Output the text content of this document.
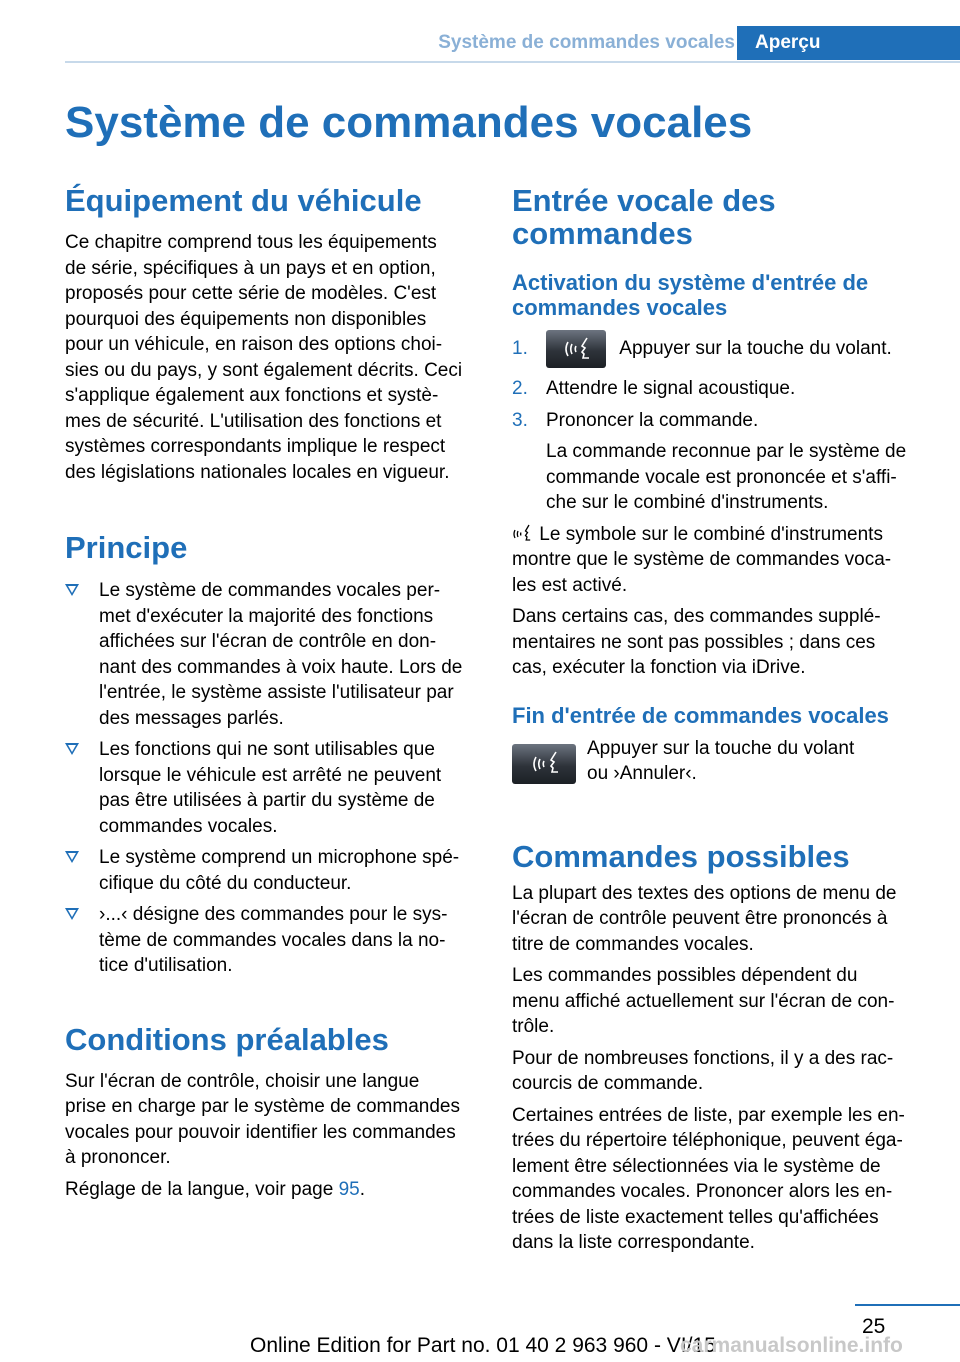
Système de commandes vocales	Aperçu
Système de commandes vocales
Équipement du véhicule
Ce chapitre comprend tous les équipements
de série, spécifiques à un pays et en option,
proposés pour cette série de modèles. C'est
pourquoi des équipements non disponibles
pour un véhicule, en raison des options choi-
sies ou du pays, y sont également décrits. Ceci
s'applique également aux fonctions et systè-
mes de sécurité. L'utilisation des fonctions et
systèmes correspondants implique le respect
des législations nationales locales en vigueur.
Principe
Le système de commandes vocales per-
met d'exécuter la majorité des fonctions
affichées sur l'écran de contrôle en don-
nant des commandes à voix haute. Lors de
l'entrée, le système assiste l'utilisateur par
des messages parlés.
Les fonctions qui ne sont utilisables que
lorsque le véhicule est arrêté ne peuvent
pas être utilisées à partir du système de
commandes vocales.
Le système comprend un microphone spé-
cifique du côté du conducteur.
›...‹ désigne des commandes pour le sys-
tème de commandes vocales dans la no-
tice d'utilisation.
Conditions préalables
Sur l'écran de contrôle, choisir une langue
prise en charge par le système de commandes
vocales pour pouvoir identifier les commandes
à prononcer.
Réglage de la langue, voir page 95.
Entrée vocale des
commandes
Activation du système d'entrée de
commandes vocales
1.	Appuyer sur la touche du volant.
2. Attendre le signal acoustique.
3. Prononcer la commande.
La commande reconnue par le système de
commande vocale est prononcée et s'affi-
che sur le combiné d'instruments.
Le symbole sur le combiné d'instruments
montre que le système de commandes voca-
les est activé.
Dans certains cas, des commandes supplé-
mentaires ne sont pas possibles ; dans ces
cas, exécuter la fonction via iDrive.
Fin d'entrée de commandes vocales
Appuyer sur la touche du volant
ou ›Annuler‹.
Commandes possibles
La plupart des textes des options de menu de
l'écran de contrôle peuvent être prononcés à
titre de commandes vocales.
Les commandes possibles dépendent du
menu affiché actuellement sur l'écran de con-
trôle.
Pour de nombreuses fonctions, il y a des rac-
courcis de commande.
Certaines entrées de liste, par exemple les en-
trées du répertoire téléphonique, peuvent éga-
lement être sélectionnées via le système de
commandes vocales. Prononcer alors les en-
trées de liste exactement telles qu'affichées
dans la liste correspondante.
25
Online Edition for Part no. 01 40 2 963 960 - VI/15
carmanualsonline.info
